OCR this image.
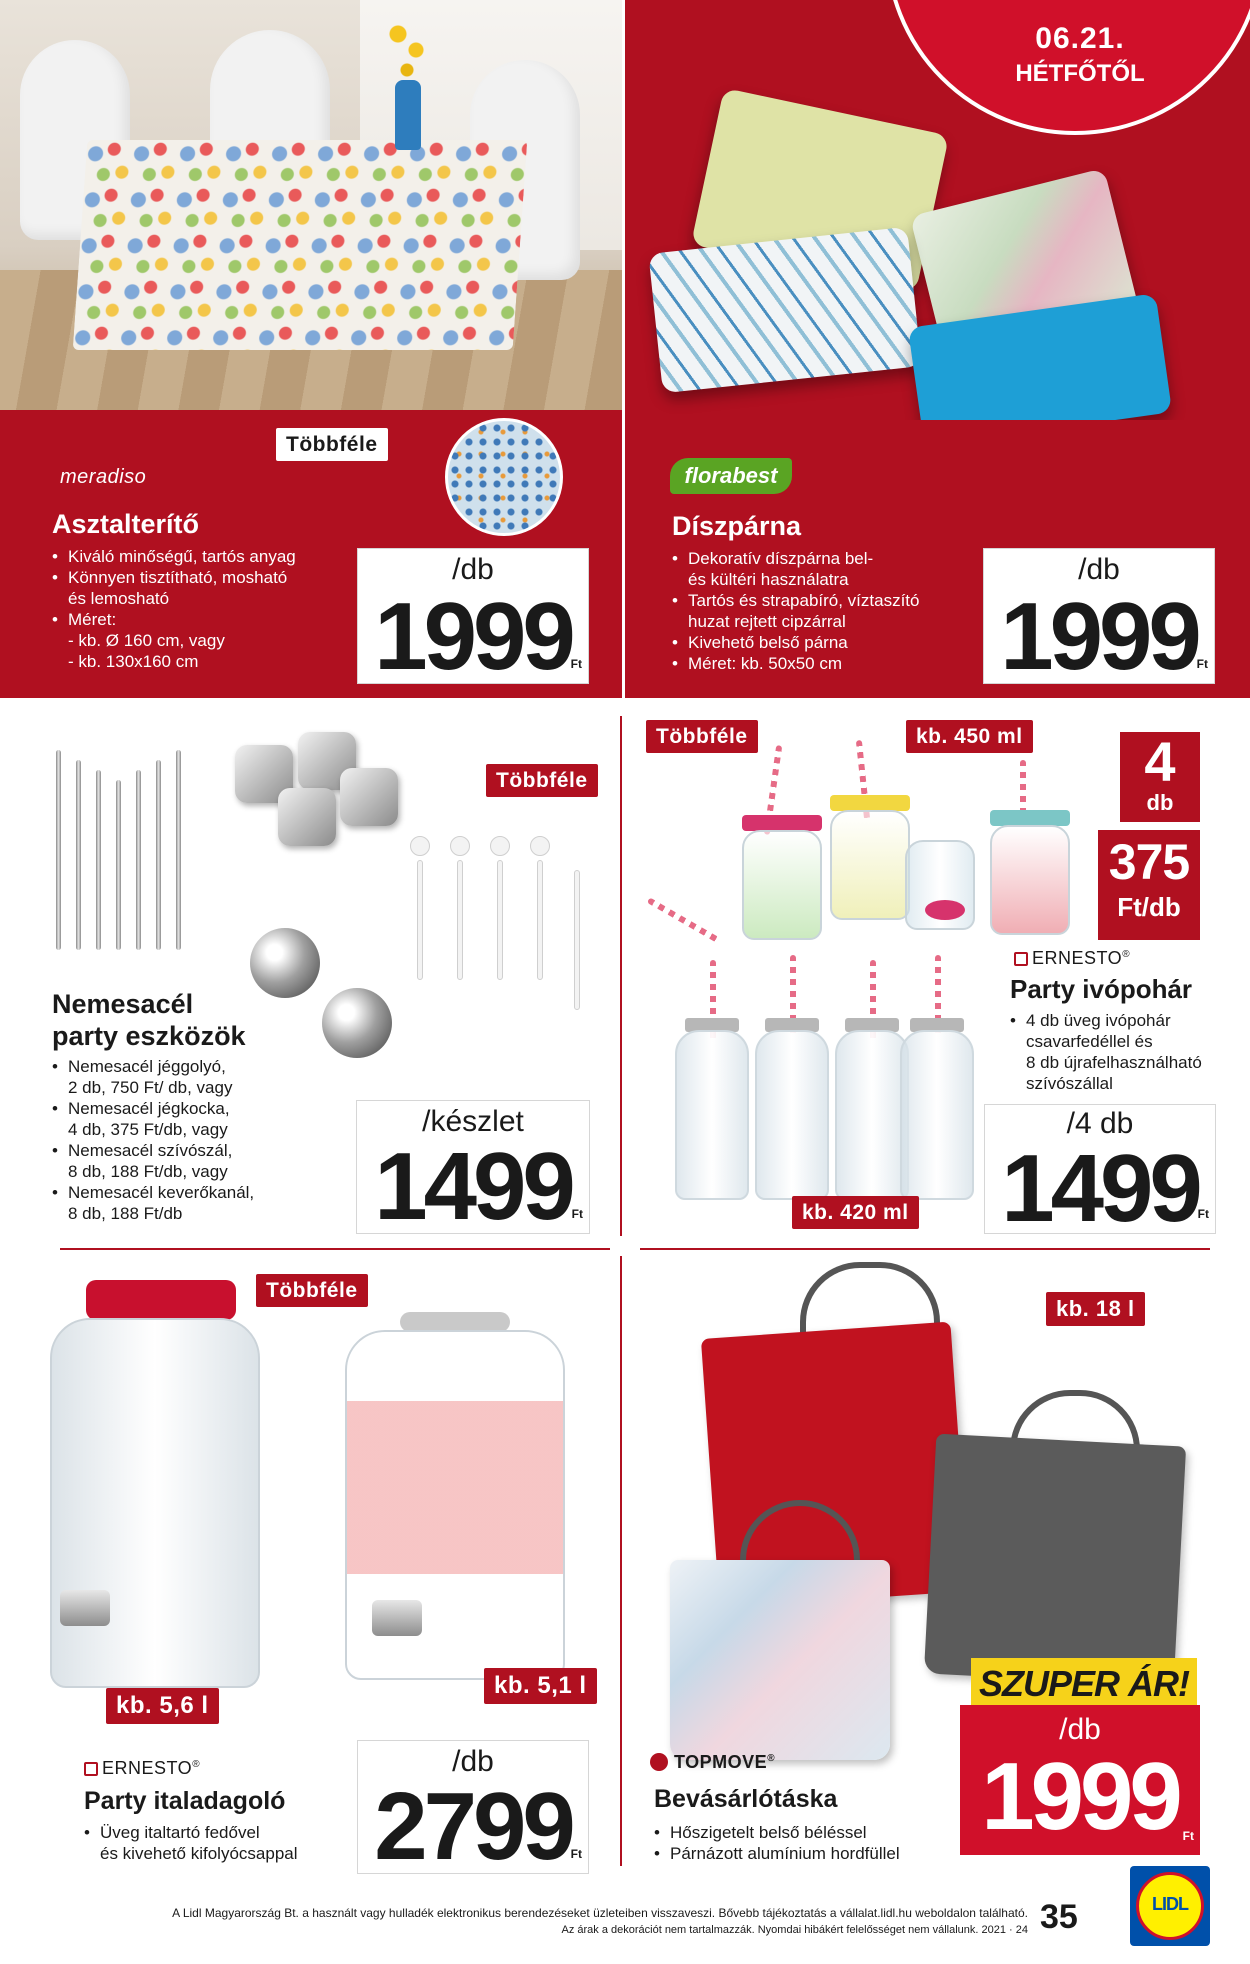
06.21.
HÉTFŐTŐL
Többféle
meradiso
Asztalterítő
• Kiváló minőségű, tartós anyag
• Könnyen tisztítható, mosható
és lemosható
• Méret:
- kb. Ø 160 cm, vagy
- kb. 130x160 cm
/db
1999
Ft
florabest
Díszpárna
• Dekoratív díszpárna bel-
és kültéri használatra
• Tartós és strapabíró, víztaszító
huzat rejtett cipzárral
• Kivehető belső párna
• Méret: kb. 50x50 cm
/db
1999
Ft
Többféle
Nemesacél
party eszközök
• Nemesacél jéggolyó,
2 db, 750 Ft/ db, vagy
• Nemesacél jégkocka,
4 db, 375 Ft/db, vagy
• Nemesacél szívószál,
8 db, 188 Ft/db, vagy
• Nemesacél keverőkanál,
8 db, 188 Ft/db
/készlet
1499 Ft
Többféle	kb. 450 ml
kb. 420 ml
4
db
375
Ft/db
ERNESTO®
Party ivópohár
• 4 db üveg ivópohár
csavarfedéllel és
8 db újrafelhasználható
szívószállal
/4 db
1499
Ft
Többféle
kb. 5,6 l
kb. 5,1 l
ERNESTO®
Party italadagoló
• Üveg italtartó fedővel
és kivehető kifolyócsappal
/db
2799
Ft
kb. 18 l
TOPMOVE®
Bevásárlótáska
• Hőszigetelt belső béléssel
• Párnázott alumínium hordfüllel
SZUPER ÁR!
/db
1999 Ft
A Lidl Magyarország Bt. a használt vagy hulladék elektronikus berendezéseket üzleteiben visszaveszi. Bővebb tájékoztatás a vállalat.lidl.hu weboldalon található.
Az árak a dekorációt nem tartalmazzák. Nyomdai hibákért felelősséget nem vállalunk. 2021 · 24 35	LIDL
